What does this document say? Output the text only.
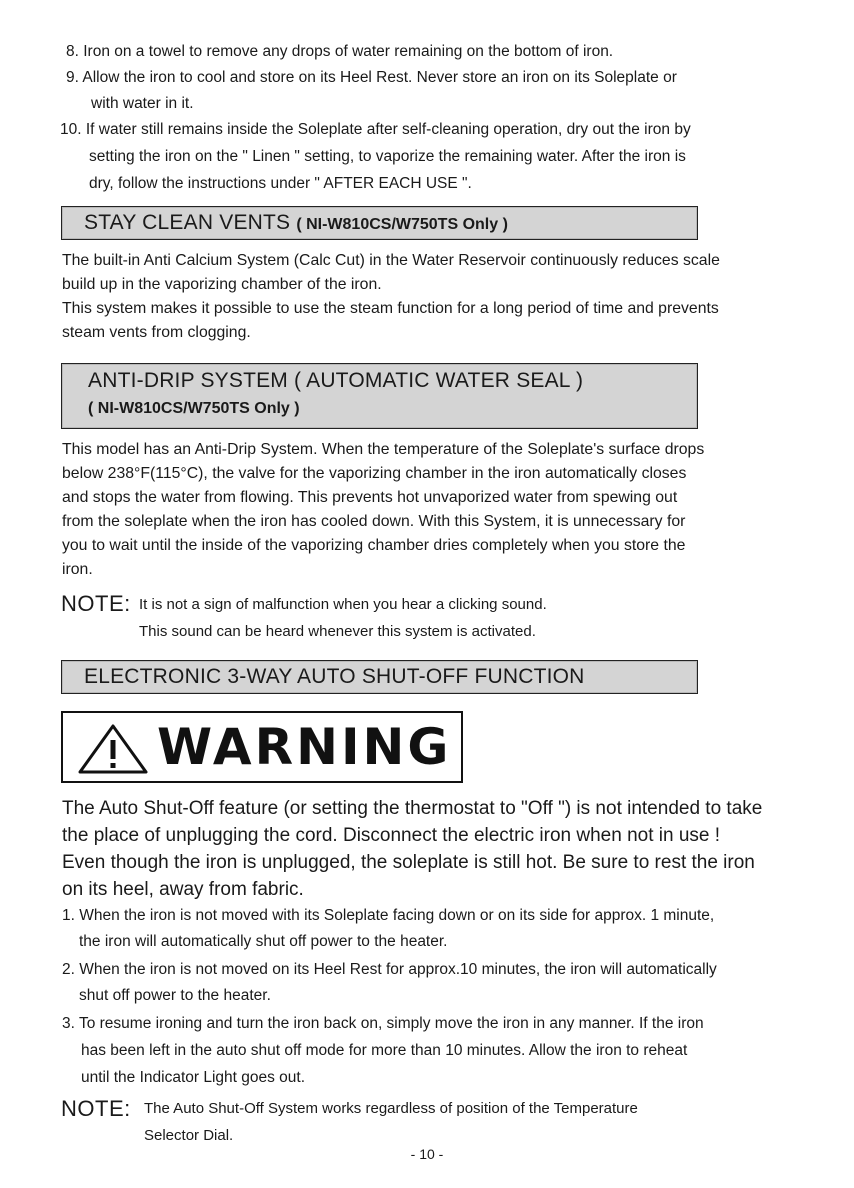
8. Iron on a towel to remove any drops of water remaining on the bottom of iron.
9. Allow the iron to cool and store on its Heel Rest. Never store an iron on its Soleplate or
with water in it.
10. If water still remains inside the Soleplate after self-cleaning operation, dry out the iron by
setting the iron on the " Linen " setting, to vaporize the remaining water. After the iron is
dry, follow the instructions under " AFTER EACH USE ".
STAY CLEAN VENTS ( NI-W810CS/W750TS Only )

The built-in Anti Calcium System (Calc Cut) in the Water Reservoir continuously reduces scale

build up in the vaporizing chamber of the iron.

This system makes it possible to use the steam function for a long period of time and prevents

steam vents from clogging.

ANTI-DRIP SYSTEM ( AUTOMATIC WATER SEAL )
( NI-W810CS/W750TS Only )

This model has an Anti-Drip System. When the temperature of the Soleplate's surface drops

below 238°F(115°C), the valve for the vaporizing chamber in the iron automatically closes

and stops the water from flowing. This prevents hot unvaporized water from spewing out

from the soleplate when the iron has cooled down. With this System, it is unnecessary for

you to wait until the inside of the vaporizing chamber dries completely when you store the

iron.

NOTE: It is not a sign of malfunction when you hear a clicking sound.
This sound can be heard whenever this system is activated.
ELECTRONIC 3-WAY AUTO SHUT-OFF FUNCTION
WARNING

The Auto Shut-Off feature (or setting the thermostat to "Off ") is not intended to take

the place of unplugging the cord. Disconnect the electric iron when not in use !

Even though the iron is unplugged, the soleplate is still hot. Be sure to rest the iron

on its heel, away from fabric.

1. When the iron is not moved with its Soleplate facing down or on its side for approx. 1 minute,
the iron will automatically shut off power to the heater.
2. When the iron is not moved on its Heel Rest for approx.10 minutes, the iron will automatically
shut off power to the heater.
3. To resume ironing and turn the iron back on, simply move the iron in any manner. If the iron
has been left in the auto shut off mode for more than 10 minutes. Allow the iron to reheat
until the Indicator Light goes out.
NOTE: The Auto Shut-Off System works regardless of position of the Temperature
Selector Dial.
- 10 -
